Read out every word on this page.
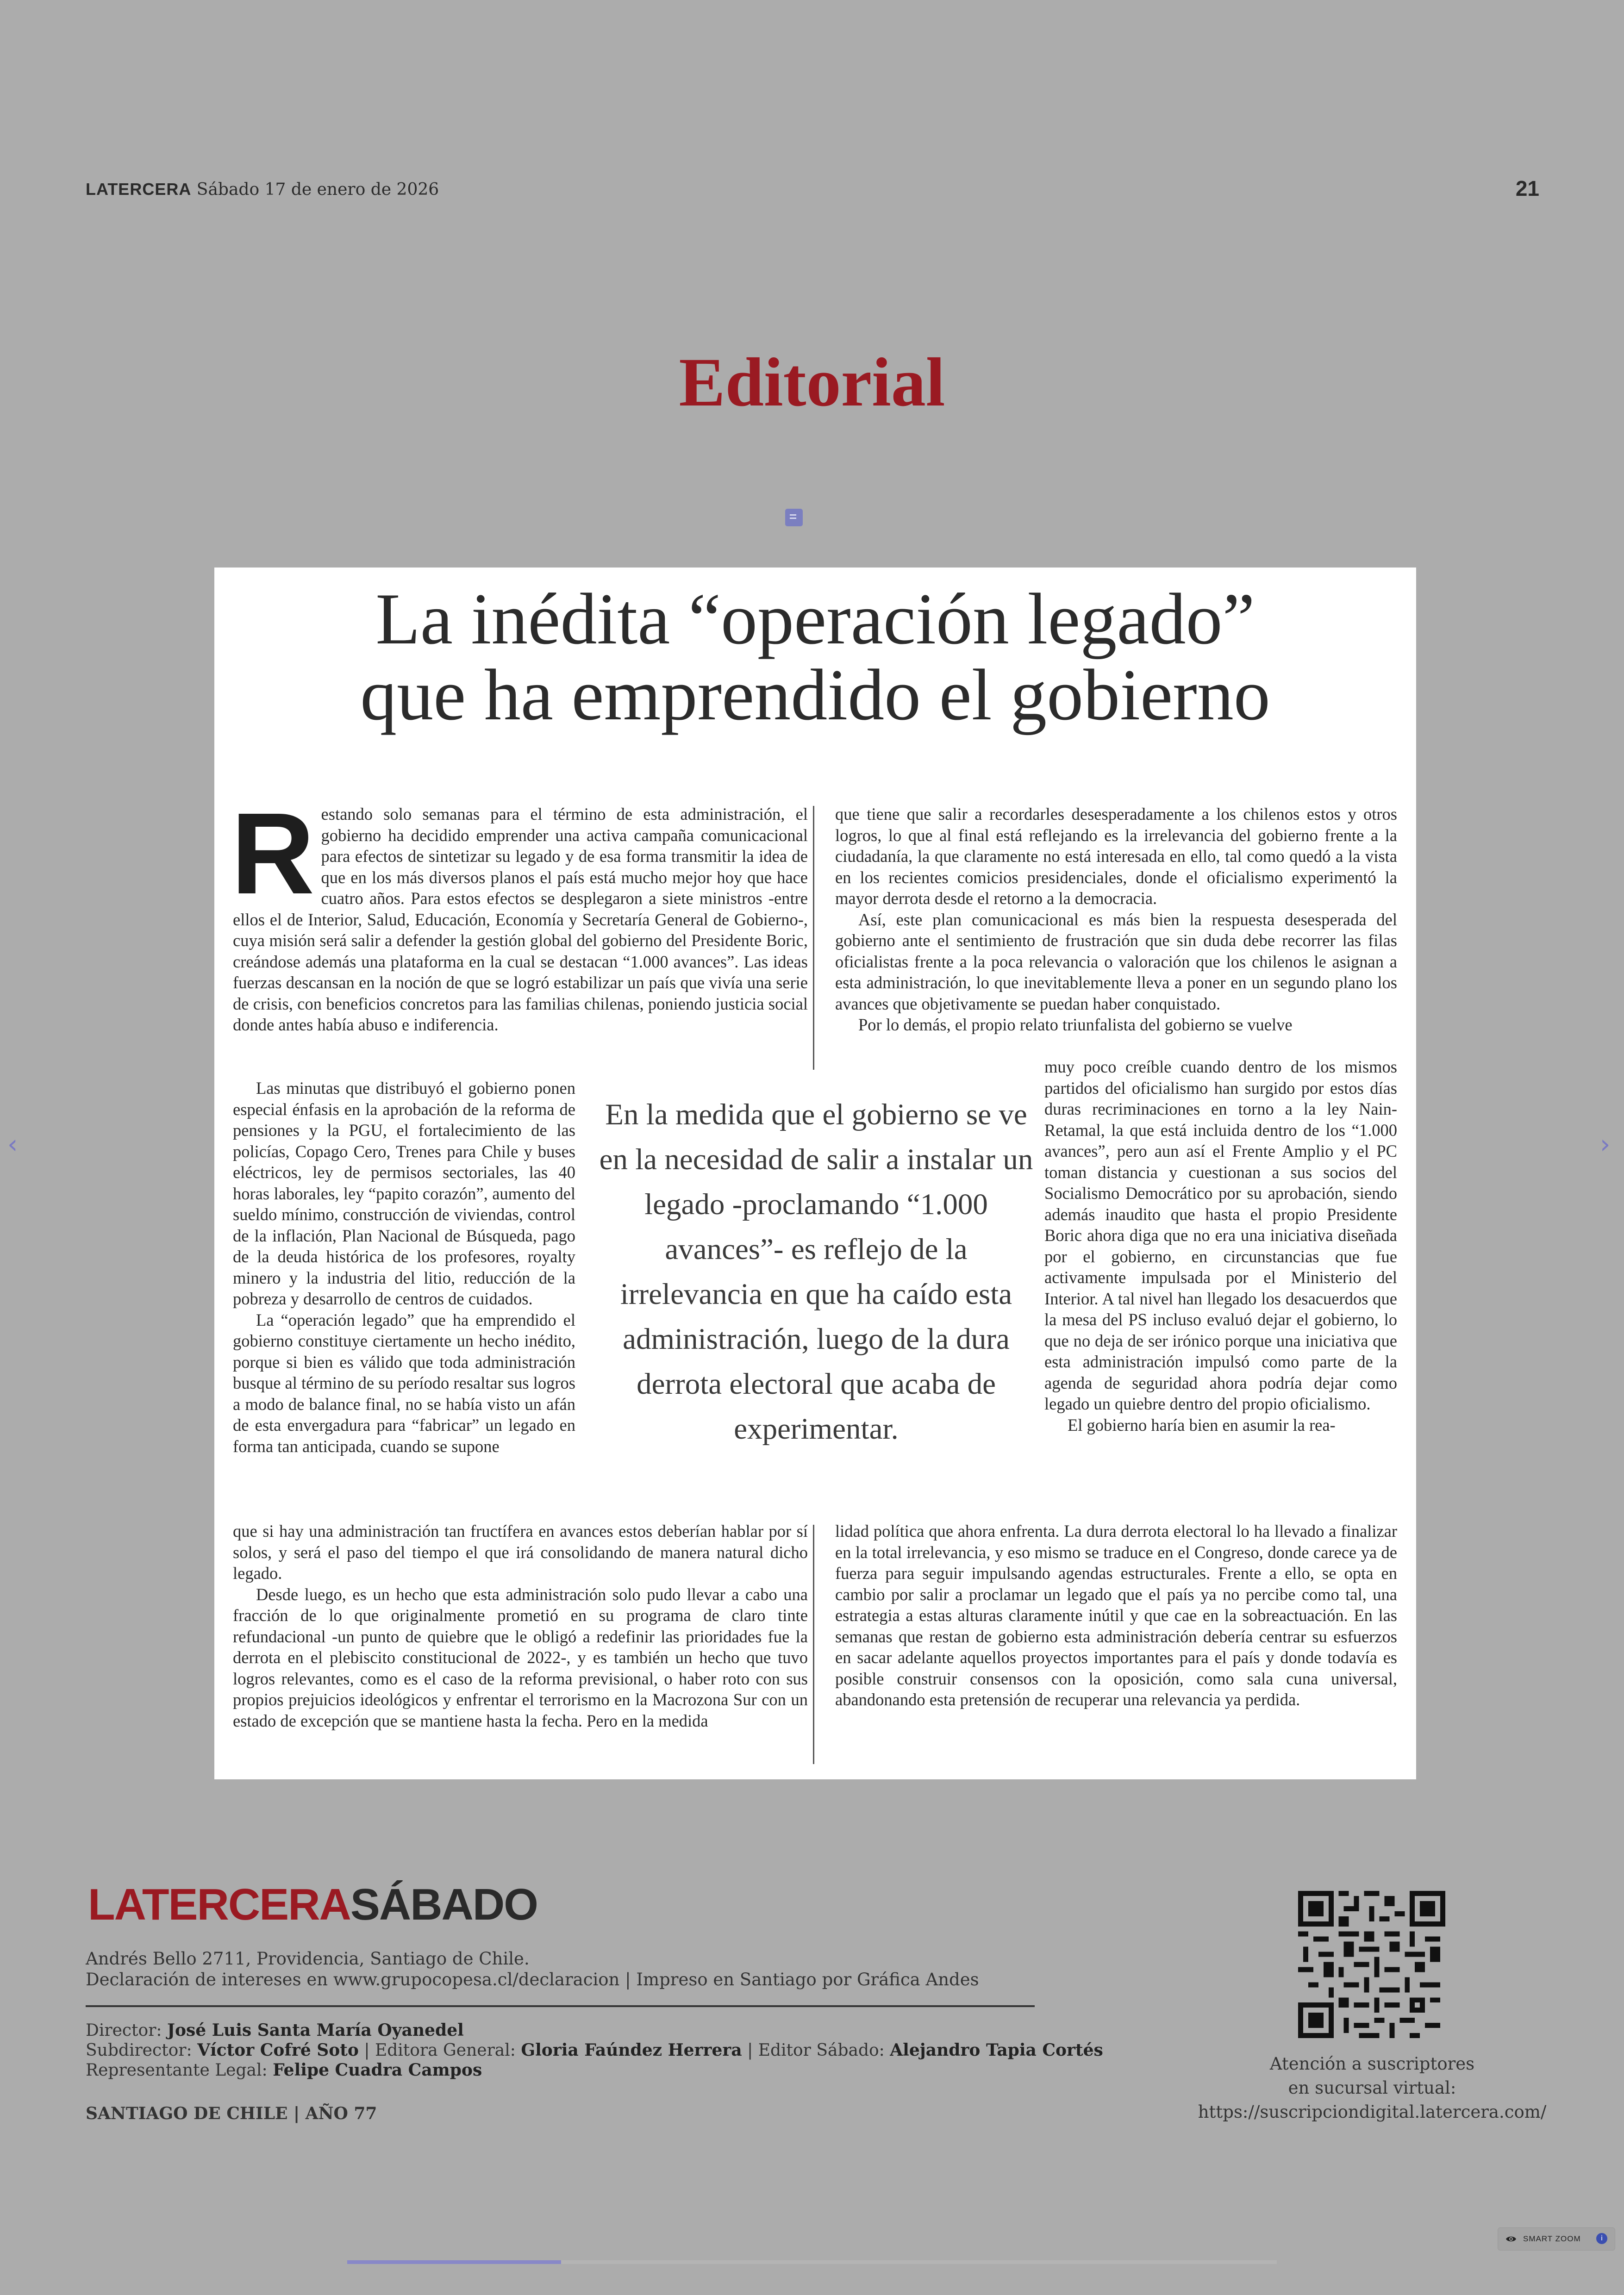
LATERCERA Sábado 17 de enero de 2026	21
Editorial
La inédita “operación legado”
que ha emprendido el gobierno
R estando solo semanas para el término de esta administración, el gobierno ha decidido emprender una activa campaña comunicacional para efectos de sintetizar su legado y de esa forma transmitir la idea de que en los más diversos planos el país está mucho mejor hoy que hace cuatro años. Para estos efectos se desplegaron a siete ministros -entre ellos el de Interior, Salud, Educación, Economía y Secretaría General de Gobierno-, cuya misión será salir a defender la gestión global del gobierno del Presidente Boric, creándose además una plataforma en la cual se destacan “1.000 avances”. Las ideas fuerzas descansan en la noción de que se logró estabilizar un país que vivía una serie de crisis, con beneficios concretos para las familias chilenas, poniendo justicia social donde antes había abuso e indiferencia.

Las minutas que distribuyó el gobierno ponen especial énfasis en la aprobación de la reforma de pensiones y la PGU, el fortalecimiento de las policías, Copago Cero, Trenes para Chile y buses eléctricos, ley de permisos sectoriales, las 40 horas laborales, ley “papito corazón”, aumento del sueldo mínimo, construcción de viviendas, control de la inflación, Plan Nacional de Búsqueda, pago de la deuda histórica de los profesores, royalty minero y la industria del litio, reducción de la pobreza y desarrollo de centros de cuidados.

La “operación legado” que ha emprendido el gobierno constituye ciertamente un hecho inédito, porque si bien es válido que toda administración busque al término de su período resaltar sus logros a modo de balance final, no se había visto un afán de esta envergadura para “fabricar” un legado en forma tan anticipada, cuando se supone

que si hay una administración tan fructífera en avances estos deberían hablar por sí solos, y será el paso del tiempo el que irá consolidando de manera natural dicho legado.

Desde luego, es un hecho que esta administración solo pudo llevar a cabo una fracción de lo que originalmente prometió en su programa de claro tinte refundacional -un punto de quiebre que le obligó a redefinir las prioridades fue la derrota en el plebiscito constitucional de 2022-, y es también un hecho que tuvo logros relevantes, como es el caso de la reforma previsional, o haber roto con sus propios prejuicios ideológicos y enfrentar el terrorismo en la Macrozona Sur con un estado de excepción que se mantiene hasta la fecha. Pero en la medida

que tiene que salir a recordarles desesperadamente a los chilenos estos y otros logros, lo que al final está reflejando es la irrelevancia del gobierno frente a la ciudadanía, la que claramente no está interesada en ello, tal como quedó a la vista en los recientes comicios presidenciales, donde el oficialismo experimentó la mayor derrota desde el retorno a la democracia.

Así, este plan comunicacional es más bien la respuesta desesperada del gobierno ante el sentimiento de frustración que sin duda debe recorrer las filas oficialistas frente a la poca relevancia o valoración que los chilenos le asignan a esta administración, lo que inevitablemente lleva a poner en un segundo plano los avances que objetivamente se puedan haber conquistado.

Por lo demás, el propio relato triunfalista del gobierno se vuelve

muy poco creíble cuando dentro de los mismos partidos del oficialismo han surgido por estos días duras recriminaciones en torno a la ley Nain-Retamal, la que está incluida dentro de los “1.000 avances”, pero aun así el Frente Amplio y el PC toman distancia y cuestionan a sus socios del Socialismo Democrático por su aprobación, siendo además inaudito que hasta el propio Presidente Boric ahora diga que no era una iniciativa diseñada por el gobierno, en circunstancias que fue activamente impulsada por el Ministerio del Interior. A tal nivel han llegado los desacuerdos que la mesa del PS incluso evaluó dejar el gobierno, lo que no deja de ser irónico porque una iniciativa que esta administración impulsó como parte de la agenda de seguridad ahora podría dejar como legado un quiebre dentro del propio oficialismo.

El gobierno haría bien en asumir la rea-

lidad política que ahora enfrenta. La dura derrota electoral lo ha llevado a finalizar en la total irrelevancia, y eso mismo se traduce en el Congreso, donde carece ya de fuerza para seguir impulsando agendas estructurales. Frente a ello, se opta en cambio por salir a proclamar un legado que el país ya no percibe como tal, una estrategia a estas alturas claramente inútil y que cae en la sobreactuación. En las semanas que restan de gobierno esta administración debería centrar su esfuerzos en sacar adelante aquellos proyectos importantes para el país y donde todavía es posible construir consensos con la oposición, como sala cuna universal, abandonando esta pretensión de recuperar una relevancia ya perdida.

En la medida que el gobierno se ve en la necesidad de salir a instalar un legado -proclamando “1.000 avances”- es reflejo de la irrelevancia en que ha caído esta administración, luego de la dura derrota electoral que acaba de experimentar.
LATERCERASÁBADO
Andrés Bello 2711, Providencia, Santiago de Chile.
Declaración de intereses en www.grupocopesa.cl/declaracion | Impreso en Santiago por Gráfica Andes
Director: José Luis Santa María Oyanedel
Subdirector: Víctor Cofré Soto | Editora General: Gloria Faúndez Herrera | Editor Sábado: Alejandro Tapia Cortés
Representante Legal: Felipe Cuadra Campos
SANTIAGO DE CHILE | AÑO 77
Atención a suscriptores
en sucursal virtual:
https://suscripciondigital.latercera.com/
‹	›
SMART ZOOM	i
